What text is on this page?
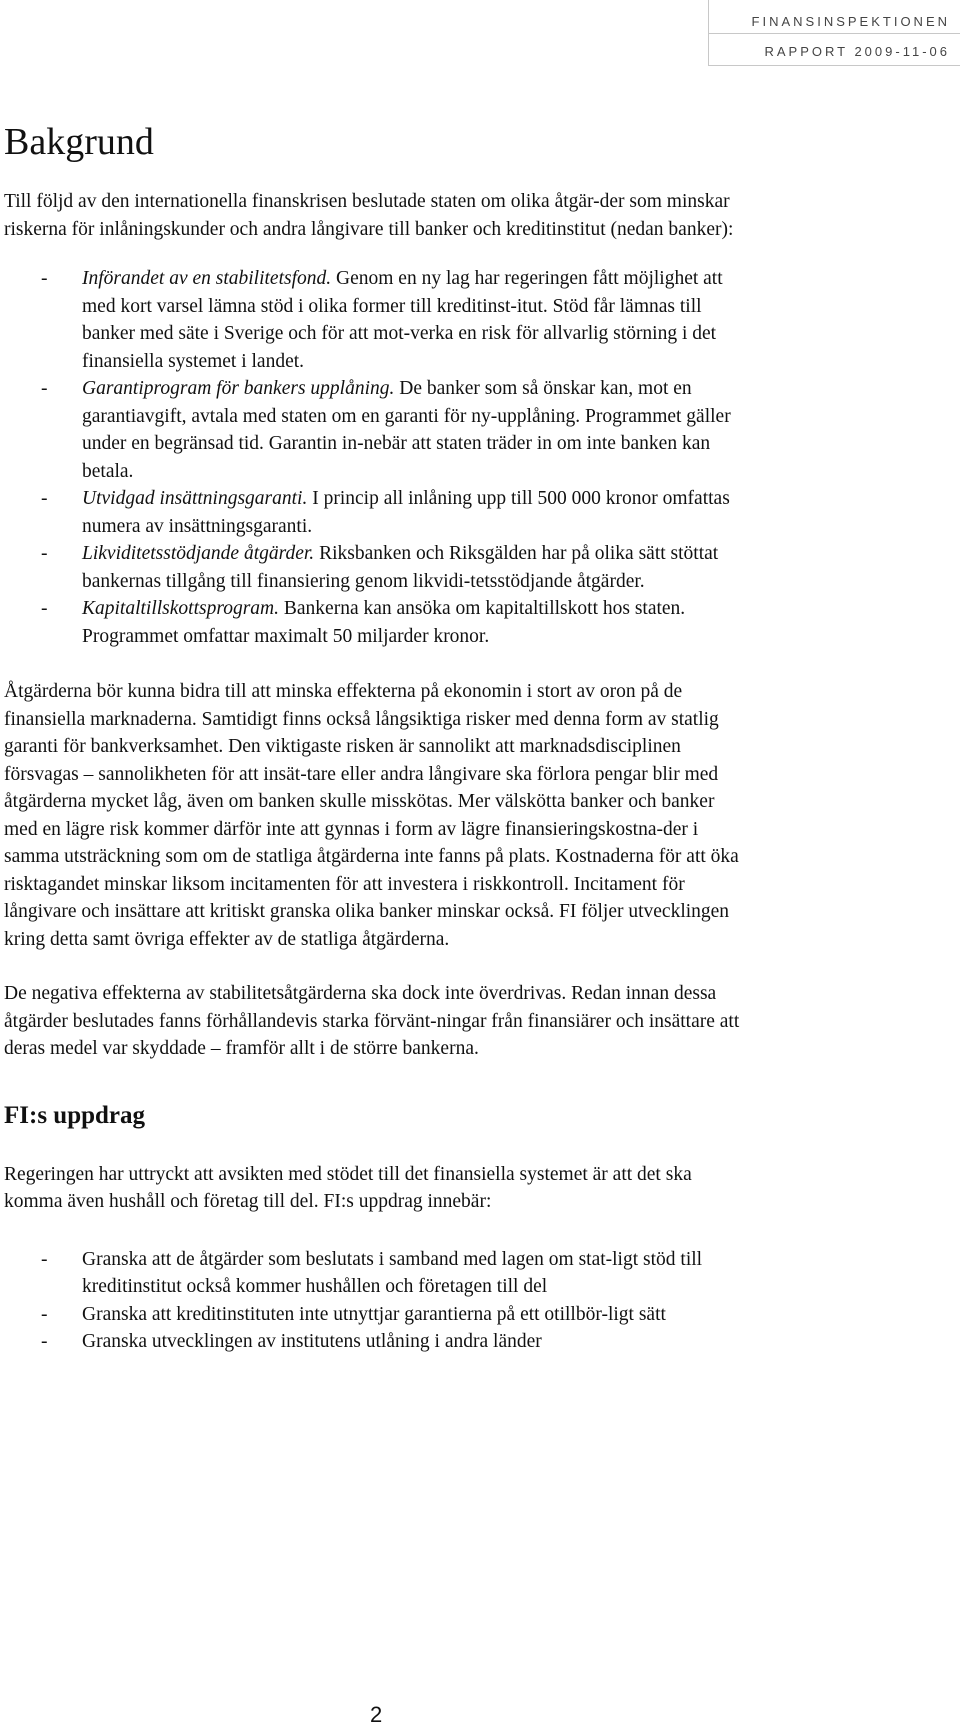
FINANSINSPEKTIONEN
RAPPORT 2009-11-06
Bakgrund

Till följd av den internationella finanskrisen beslutade staten om olika åtgär-der som minskar riskerna för inlåningskunder och andra långivare till banker och kreditinstitut (nedan banker):

- Införandet av en stabilitetsfond. Genom en ny lag har regeringen fått möjlighet att med kort varsel lämna stöd i olika former till kreditinst-itut. Stöd får lämnas till banker med säte i Sverige och för att mot-verka en risk för allvarlig störning i det finansiella systemet i landet.
- Garantiprogram för bankers upplåning. De banker som så önskar kan, mot en garantiavgift, avtala med staten om en garanti för ny-upplåning. Programmet gäller under en begränsad tid. Garantin in-nebär att staten träder in om inte banken kan betala.
- Utvidgad insättningsgaranti. I princip all inlåning upp till 500 000 kronor omfattas numera av insättningsgaranti.
- Likviditetsstödjande åtgärder. Riksbanken och Riksgälden har på olika sätt stöttat bankernas tillgång till finansiering genom likvidi-tetsstödjande åtgärder.
- Kapitaltillskottsprogram. Bankerna kan ansöka om kapitaltillskott hos staten. Programmet omfattar maximalt 50 miljarder kronor.

Åtgärderna bör kunna bidra till att minska effekterna på ekonomin i stort av oron på de finansiella marknaderna. Samtidigt finns också långsiktiga risker med denna form av statlig garanti för bankverksamhet. Den viktigaste risken är sannolikt att marknadsdisciplinen försvagas – sannolikheten för att insät-tare eller andra långivare ska förlora pengar blir med åtgärderna mycket låg, även om banken skulle misskötas. Mer välskötta banker och banker med en lägre risk kommer därför inte att gynnas i form av lägre finansieringskostna-der i samma utsträckning som om de statliga åtgärderna inte fanns på plats. Kostnaderna för att öka risktagandet minskar liksom incitamenten för att investera i riskkontroll. Incitament för långivare och insättare att kritiskt granska olika banker minskar också. FI följer utvecklingen kring detta samt övriga effekter av de statliga åtgärderna.

De negativa effekterna av stabilitetsåtgärderna ska dock inte överdrivas. Redan innan dessa åtgärder beslutades fanns förhållandevis starka förvänt-ningar från finansiärer och insättare att deras medel var skyddade – framför allt i de större bankerna.

FI:s uppdrag

Regeringen har uttryckt att avsikten med stödet till det finansiella systemet är att det ska komma även hushåll och företag till del. FI:s uppdrag innebär:

- Granska att de åtgärder som beslutats i samband med lagen om stat-ligt stöd till kreditinstitut också kommer hushållen och företagen till del
- Granska att kreditinstituten inte utnyttjar garantierna på ett otillbör-ligt sätt
- Granska utvecklingen av institutens utlåning i andra länder
2
